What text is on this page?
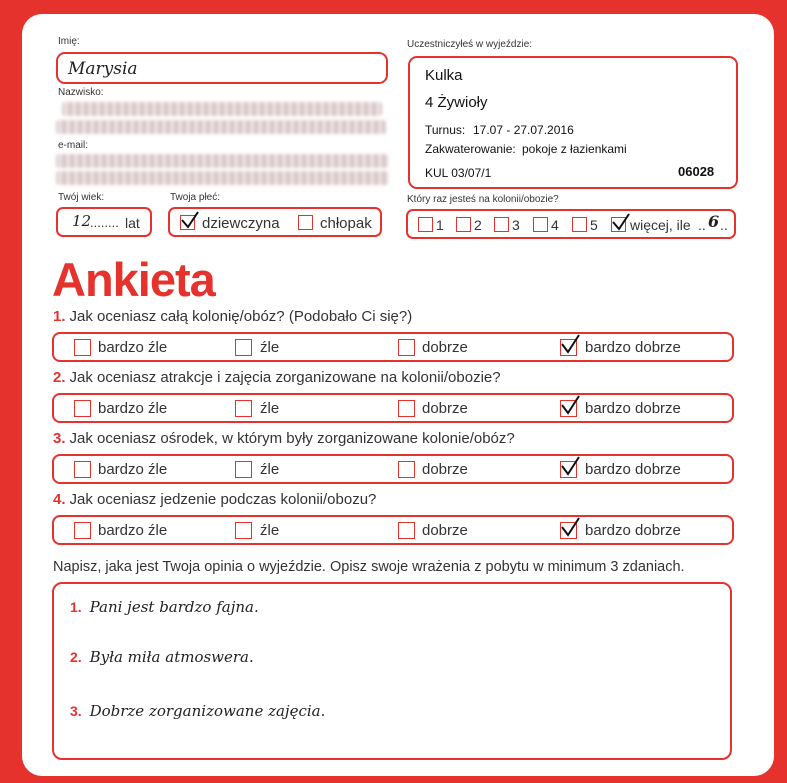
Imię:
Marysia
Nazwisko:
e-mail:
Twój wiek:
12
........ lat
Twoja płeć:
dziewczyna	chłopak
Uczestniczyłeś w wyjeździe:
Kulka
4 Żywioły
Turnus: 17.07 - 27.07.2016
Zakwaterowanie: pokoje z łazienkami
KUL 03/07/1	06028
Który raz jesteś na kolonii/obozie?
1 2 3 4 5 więcej, ile .. 6 ..
Ankieta
1. Jak oceniasz całą kolonię/obóz? (Podobało Ci się?)
bardzo źle	źle	dobrze	bardzo dobrze
2. Jak oceniasz atrakcje i zajęcia zorganizowane na kolonii/obozie?
bardzo źle	źle	dobrze	bardzo dobrze
3. Jak oceniasz ośrodek, w którym były zorganizowane kolonie/obóz?
bardzo źle	źle	dobrze	bardzo dobrze
4. Jak oceniasz jedzenie podczas kolonii/obozu?
bardzo źle	źle	dobrze	bardzo dobrze
Napisz, jaka jest Twoja opinia o wyjeździe. Opisz swoje wrażenia z pobytu w minimum 3 zdaniach.
1. Pani jest bardzo fajna.
2. Była miła atmoswera.
3. Dobrze zorganizowane zajęcia.
